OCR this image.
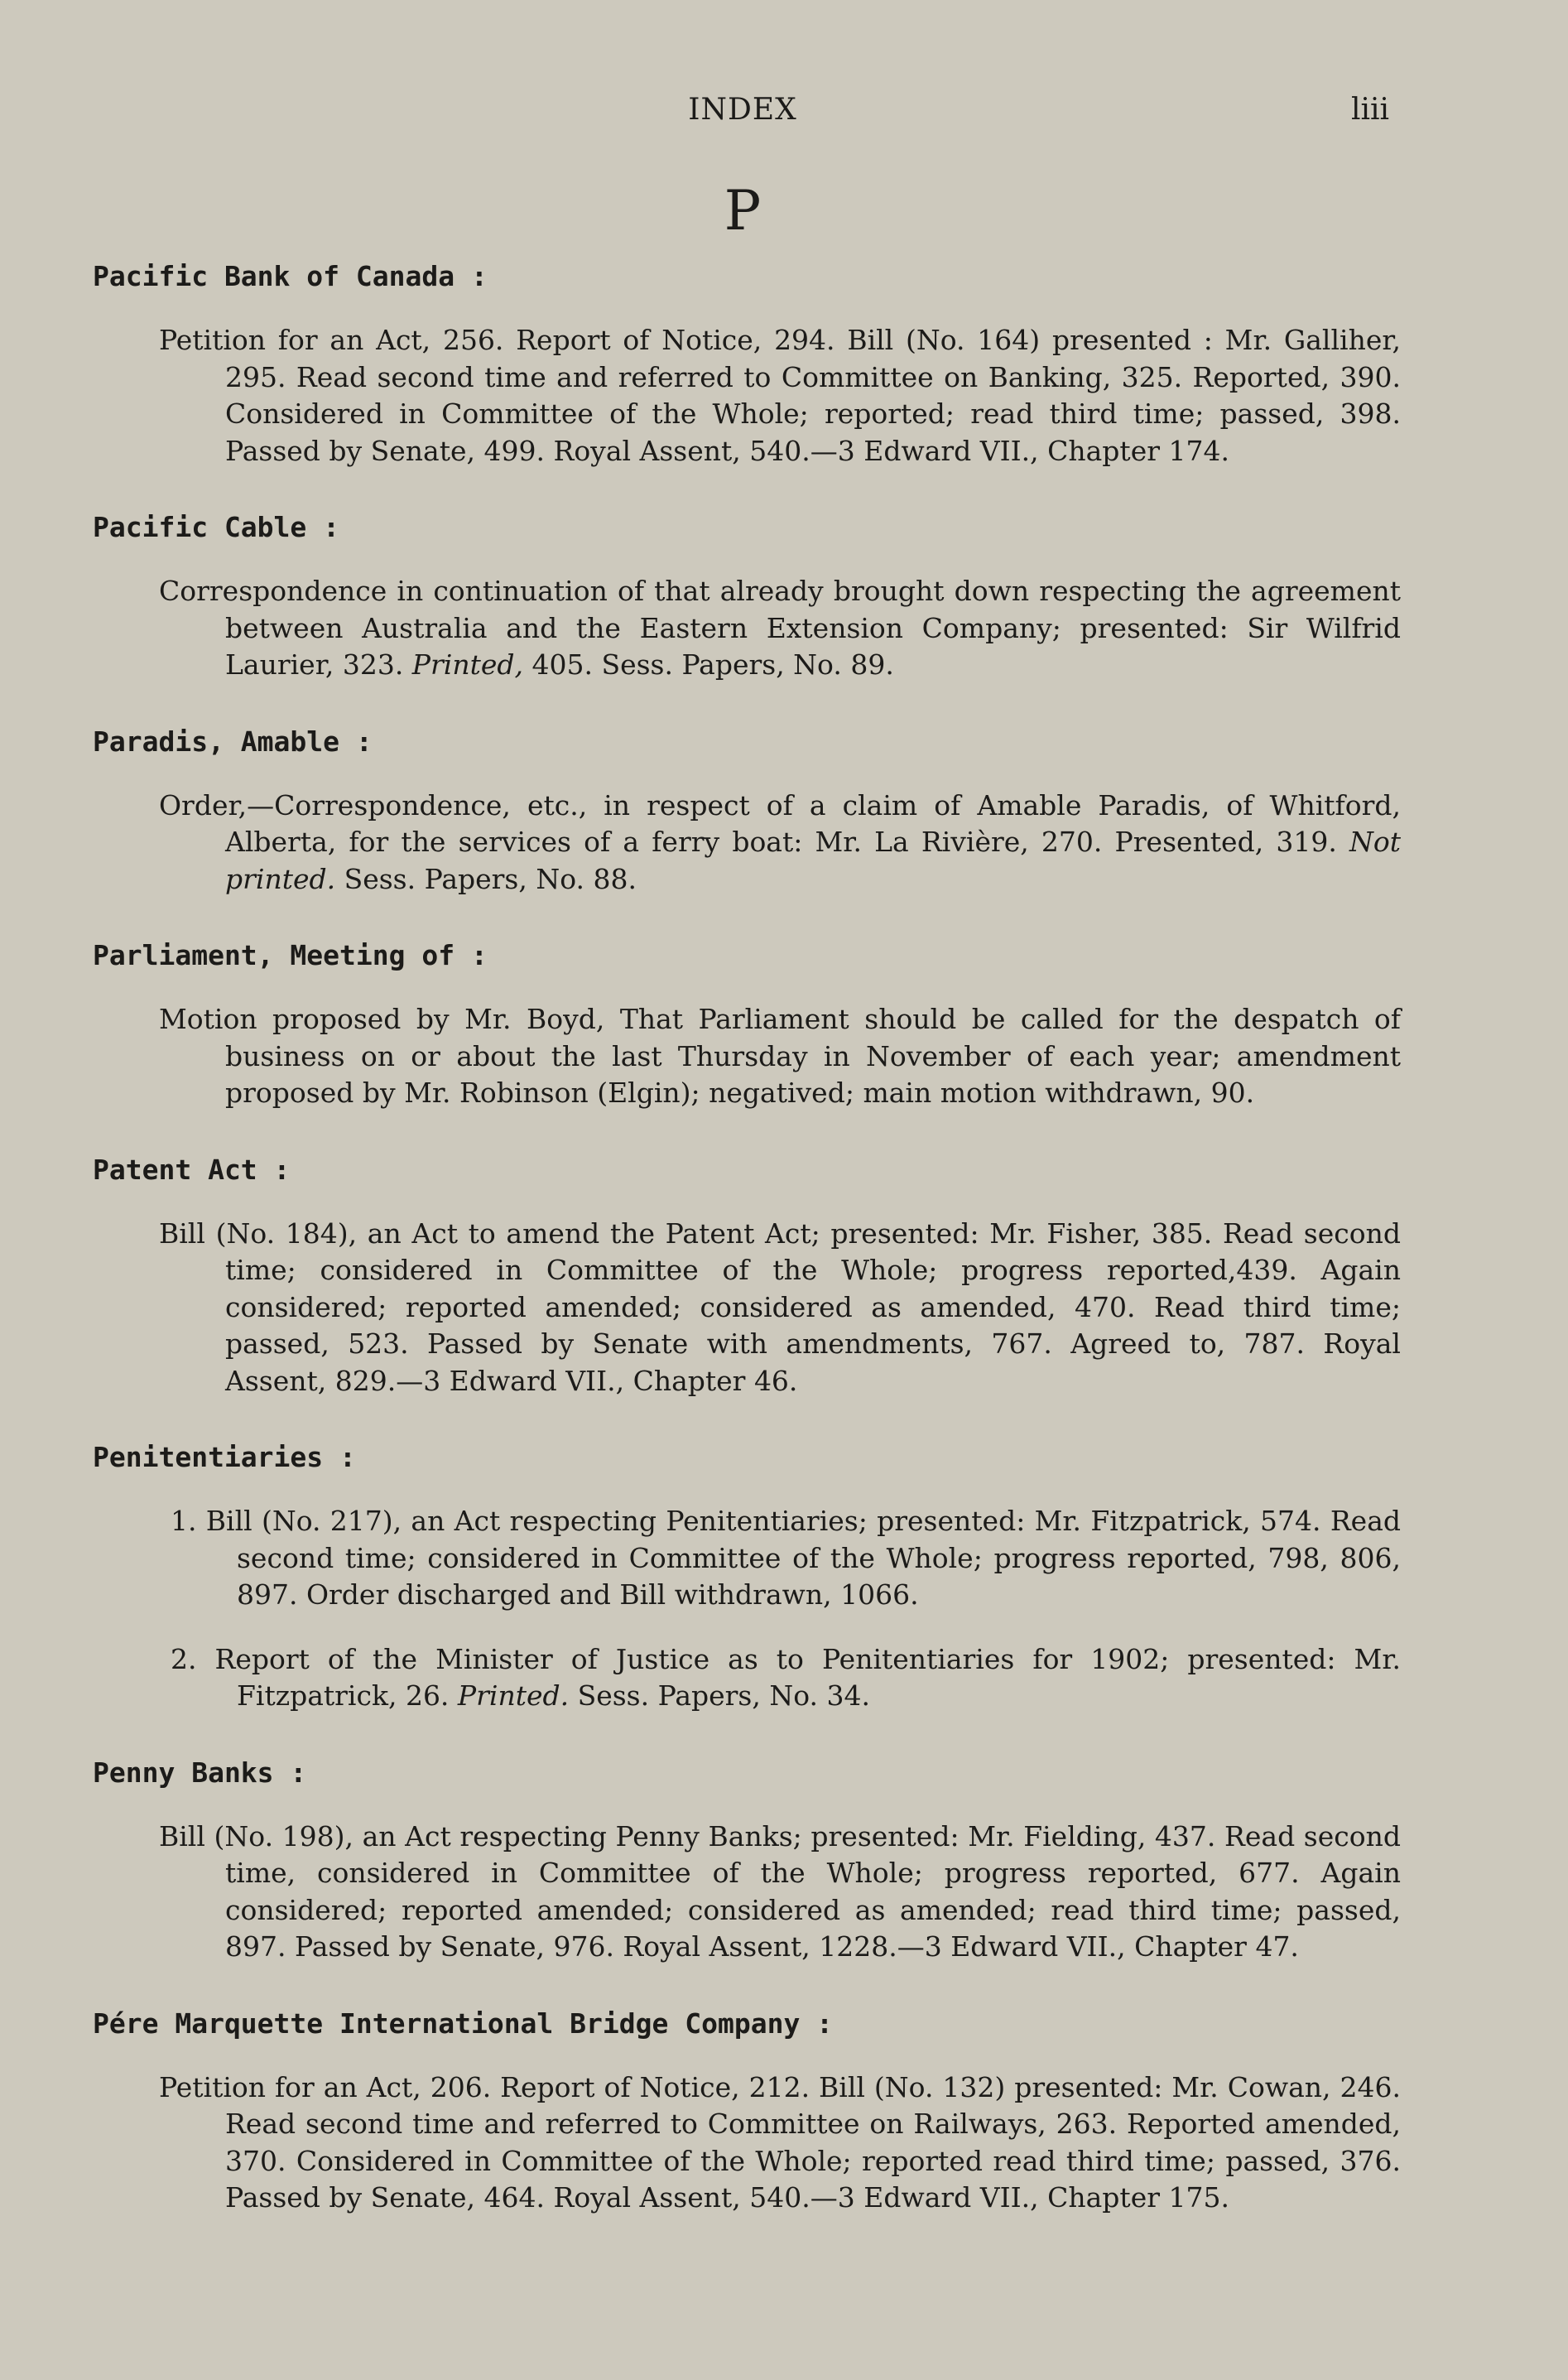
INDEX	liii
P
Pacific Bank of Canada :

Petition for an Act, 256. Report of Notice, 294. Bill (No. 164) presented : Mr. Galliher, 295. Read second time and referred to Committee on Banking, 325. Reported, 390. Considered in Committee of the Whole; reported; read third time; passed, 398. Passed by Senate, 499. Royal Assent, 540.—3 Edward VII., Chapter 174.

Pacific Cable :

Correspondence in continuation of that already brought down respecting the agreement between Australia and the Eastern Extension Company; presented: Sir Wilfrid Laurier, 323. Printed, 405. Sess. Papers, No. 89.

Paradis, Amable :

Order,—Correspondence, etc., in respect of a claim of Amable Paradis, of Whitford, Alberta, for the services of a ferry boat: Mr. La Rivière, 270. Presented, 319. Not printed. Sess. Papers, No. 88.

Parliament, Meeting of :

Motion proposed by Mr. Boyd, That Parliament should be called for the despatch of business on or about the last Thursday in November of each year; amendment proposed by Mr. Robinson (Elgin); negatived; main motion withdrawn, 90.

Patent Act :

Bill (No. 184), an Act to amend the Patent Act; presented: Mr. Fisher, 385. Read second time; considered in Committee of the Whole; progress reported,439. Again considered; reported amended; considered as amended, 470. Read third time; passed, 523. Passed by Senate with amendments, 767. Agreed to, 787. Royal Assent, 829.—3 Edward VII., Chapter 46.

Penitentiaries :

1. Bill (No. 217), an Act respecting Penitentiaries; presented: Mr. Fitzpatrick, 574. Read second time; considered in Committee of the Whole; progress reported, 798, 806, 897. Order discharged and Bill withdrawn, 1066.

2. Report of the Minister of Justice as to Penitentiaries for 1902; presented: Mr. Fitzpatrick, 26. Printed. Sess. Papers, No. 34.

Penny Banks :

Bill (No. 198), an Act respecting Penny Banks; presented: Mr. Fielding, 437. Read second time, considered in Committee of the Whole; progress reported, 677. Again considered; reported amended; considered as amended; read third time; passed, 897. Passed by Senate, 976. Royal Assent, 1228.—3 Edward VII., Chapter 47.

Pére Marquette International Bridge Company :

Petition for an Act, 206. Report of Notice, 212. Bill (No. 132) presented: Mr. Cowan, 246. Read second time and referred to Committee on Railways, 263. Reported amended, 370. Considered in Committee of the Whole; reported read third time; passed, 376. Passed by Senate, 464. Royal Assent, 540.—3 Edward VII., Chapter 175.
